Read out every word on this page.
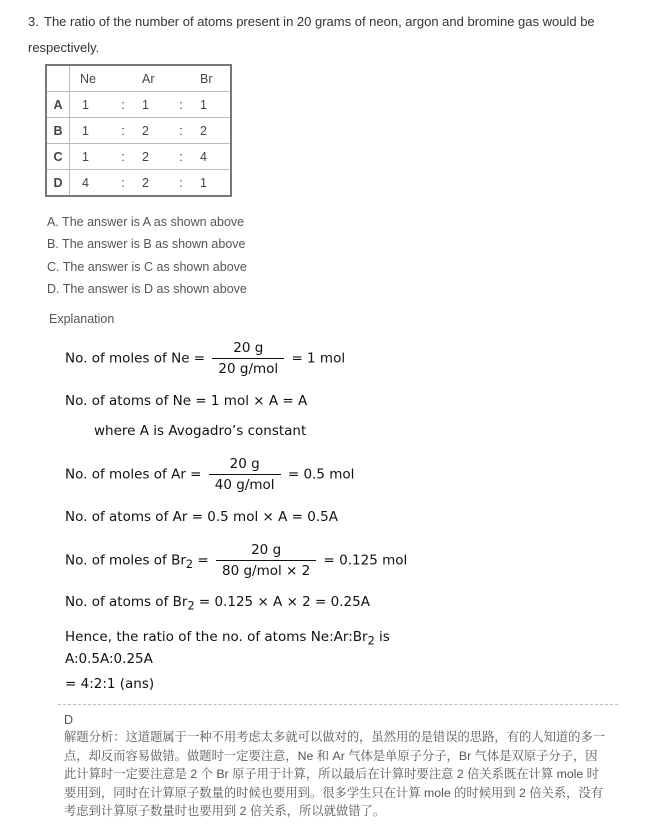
3. The ratio of the number of atoms present in 20 grams of neon, argon and bromine gas would be respectively.
	Ne		Ar		Br
A	1	:	1	:	1
B	1	:	2	:	2
C	1	:	2	:	4
D	4	:	2	:	1
A. The answer is A as shown above
B. The answer is B as shown above
C. The answer is C as shown above
D. The answer is D as shown above
Explanation
No. of moles of $Ne = \frac{20 g}{\text{20 g/mol}} = 1$ mol
No. of atoms of Ne = 1 mol × A = A
where A is Avogadro’s constant
No. of moles of $Ar = \frac{20 g}{\text{40 g/mol}} = 0.5$ mol
No. of atoms of Ar = 0.5 mol × A = 0.5A
No. of moles of $Br_2 = \frac{20 g}{\text{80 g/mol × 2}} = 0.125$ mol
No. of atoms of $Br_2 = 0.125 \times A \times 2 = 0.25A$
Hence, the ratio of the no. of atoms $Ne:Ar:Br_2$ is
A:0.5A:0.25A
= 4:2:1 (ans)
D
解题分析：这道题属于一种不用考虑太多就可以做对的，虽然用的是错误的思路，有的人知道的多一点，却反而容易做错。做题时一定要注意，Ne 和 Ar 气体是单原子分子，Br 气体是双原子分子，因此计算时一定要注意是 2 个 Br 原子用于计算，所以最后在计算时要注意 2 倍关系既在计算 mole 时要用到，同时在计算原子数量的时候也要用到。很多学生只在计算 mole 的时候用到 2 倍关系，没有考虑到计算原子数量时也要用到 2 倍关系，所以就做错了。
